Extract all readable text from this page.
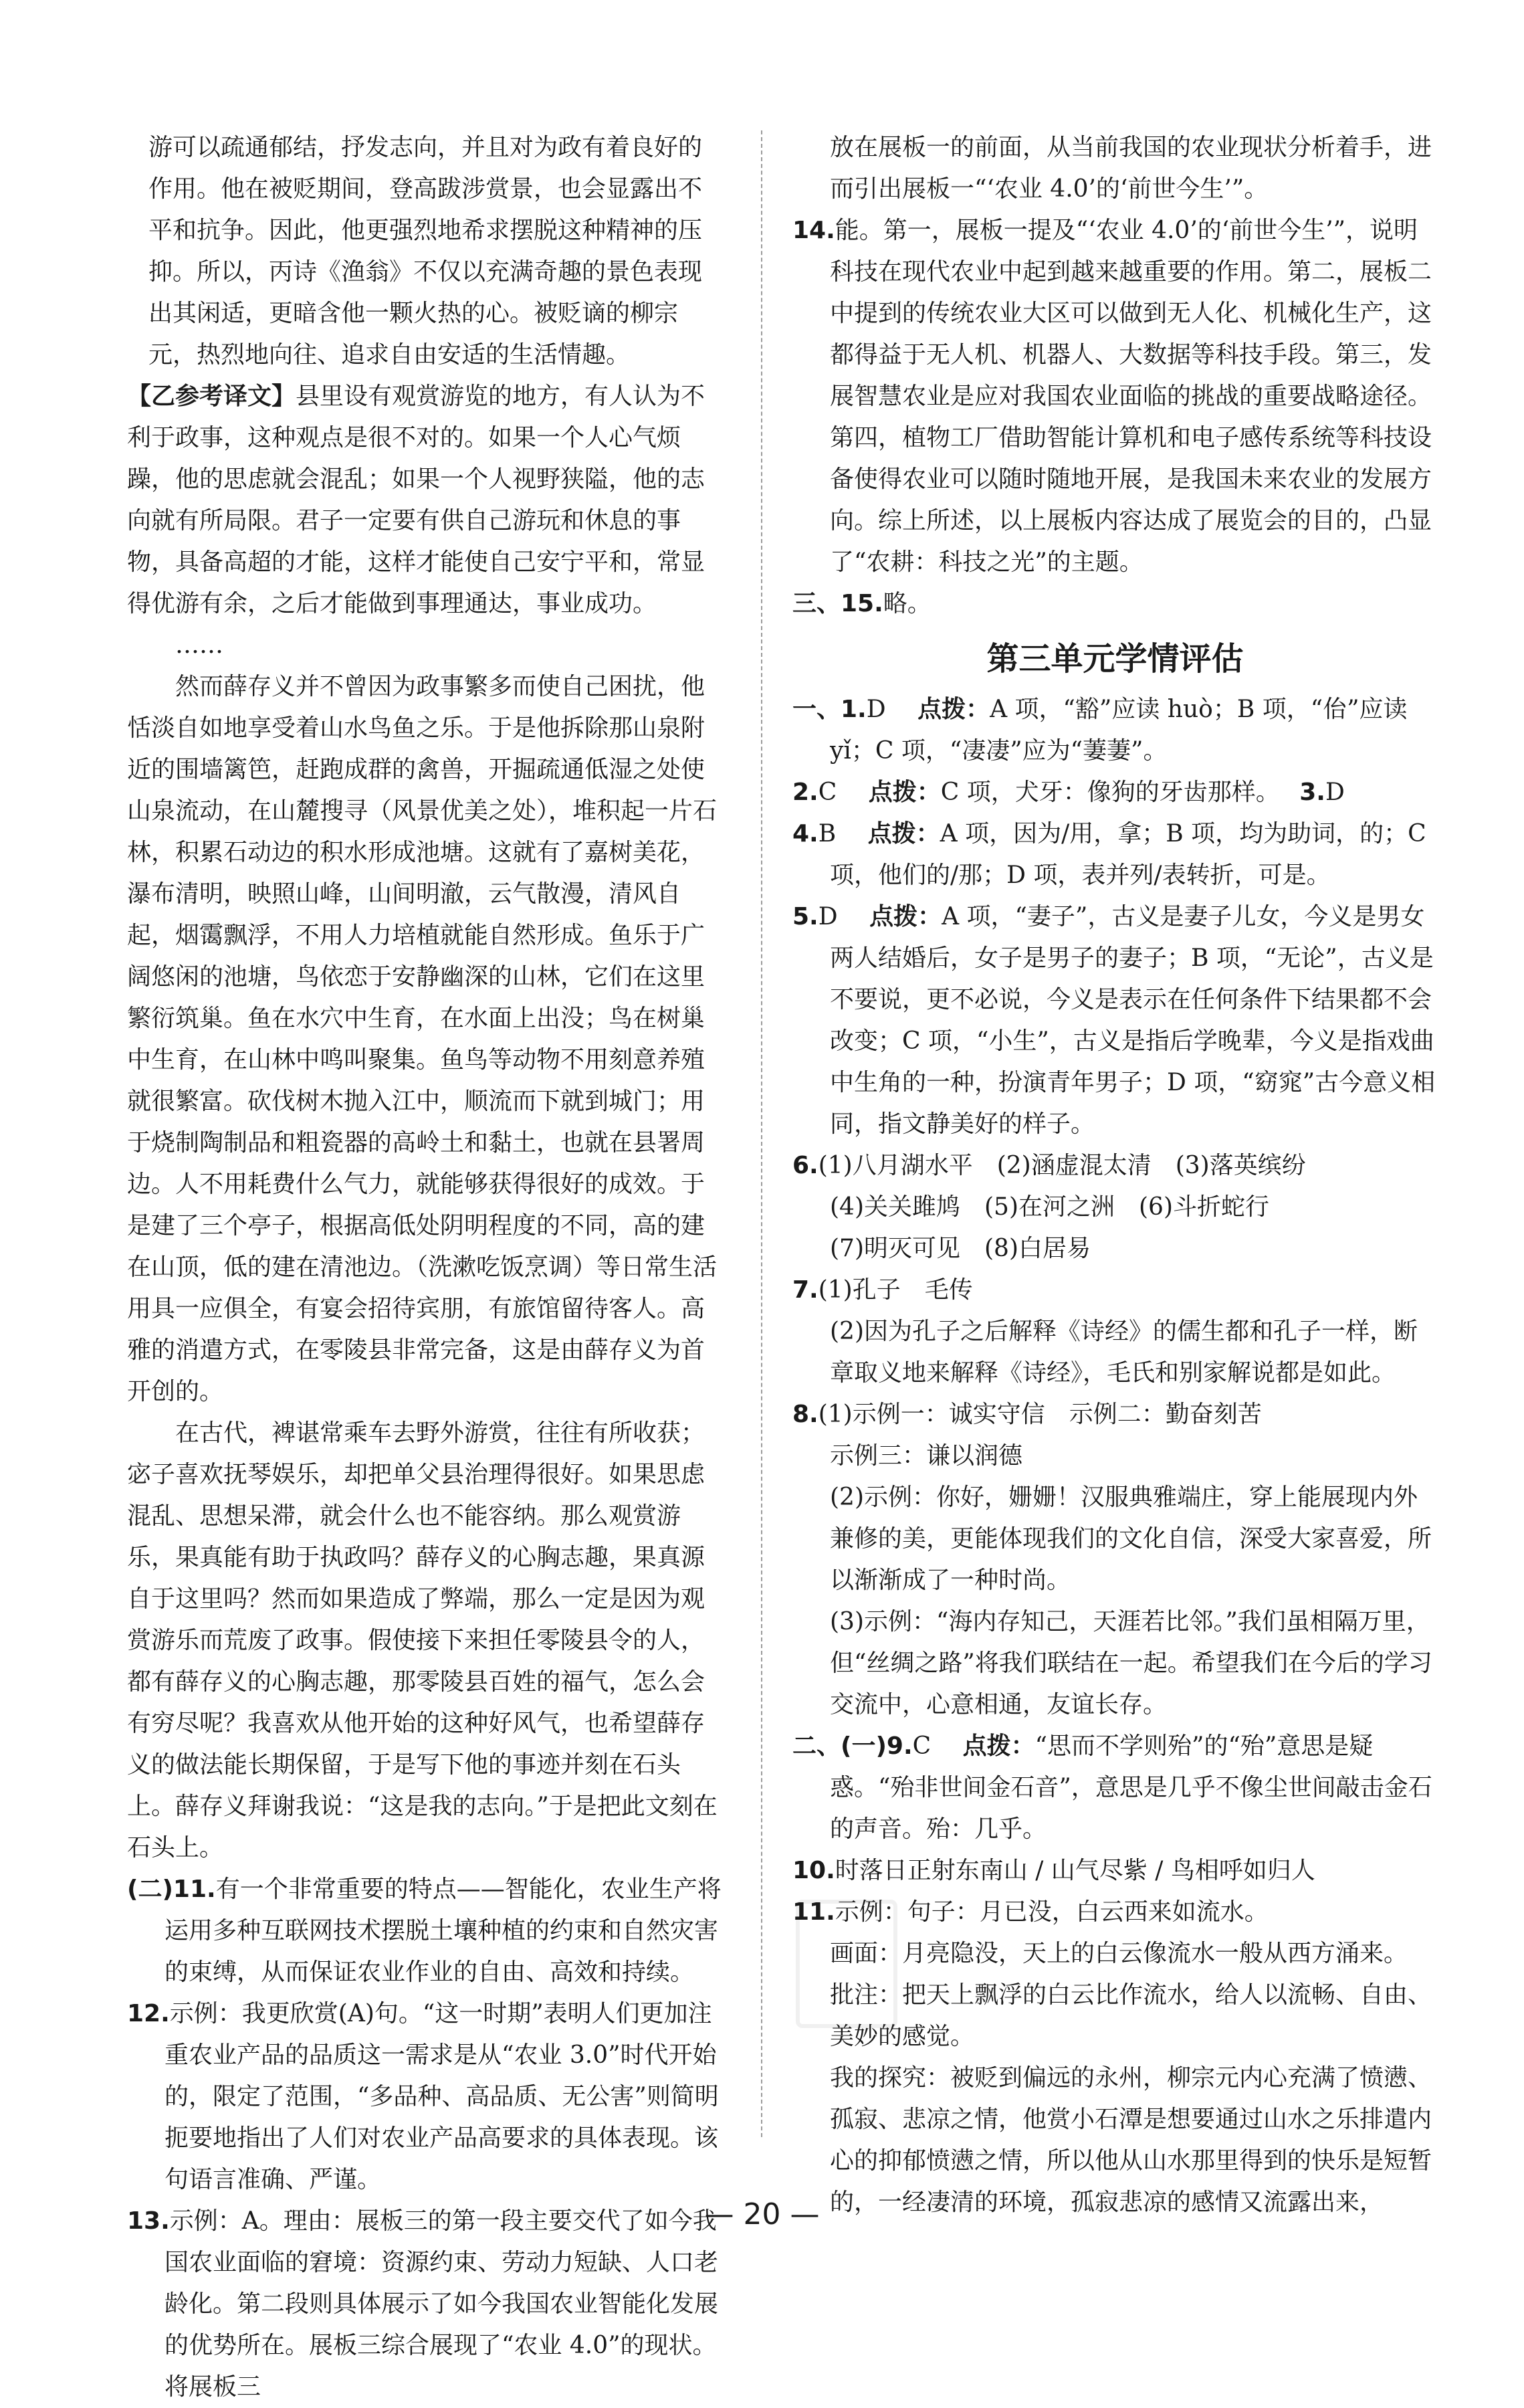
游可以疏通郁结，抒发志向，并且对为政有着良好的作用。他在被贬期间，登高跋涉赏景，也会显露出不平和抗争。因此，他更强烈地希求摆脱这种精神的压抑。所以，丙诗《渔翁》不仅以充满奇趣的景色表现出其闲适，更暗含他一颗火热的心。被贬谪的柳宗元，热烈地向往、追求自由安适的生活情趣。

【乙参考译文】县里设有观赏游览的地方，有人认为不利于政事，这种观点是很不对的。如果一个人心气烦躁，他的思虑就会混乱；如果一个人视野狭隘，他的志向就有所局限。君子一定要有供自己游玩和休息的事物，具备高超的才能，这样才能使自己安宁平和，常显得优游有余，之后才能做到事理通达，事业成功。

……

然而薛存义并不曾因为政事繁多而使自己困扰，他恬淡自如地享受着山水鸟鱼之乐。于是他拆除那山泉附近的围墙篱笆，赶跑成群的禽兽，开掘疏通低湿之处使山泉流动，在山麓搜寻（风景优美之处），堆积起一片石林，积累石动边的积水形成池塘。这就有了嘉树美花，瀑布清明，映照山峰，山间明澈，云气散漫，清风自起，烟霭飘浮，不用人力培植就能自然形成。鱼乐于广阔悠闲的池塘，鸟依恋于安静幽深的山林，它们在这里繁衍筑巢。鱼在水穴中生育，在水面上出没；鸟在树巢中生育，在山林中鸣叫聚集。鱼鸟等动物不用刻意养殖就很繁富。砍伐树木抛入江中，顺流而下就到城门；用于烧制陶制品和粗瓷器的高岭土和黏土，也就在县署周边。人不用耗费什么气力，就能够获得很好的成效。于是建了三个亭子，根据高低处阴明程度的不同，高的建在山顶，低的建在清池边。（洗漱吃饭烹调）等日常生活用具一应俱全，有宴会招待宾朋，有旅馆留待客人。高雅的消遣方式，在零陵县非常完备，这是由薛存义为首开创的。

在古代，裨谌常乘车去野外游赏，往往有所收获；宓子喜欢抚琴娱乐，却把单父县治理得很好。如果思虑混乱、思想呆滞，就会什么也不能容纳。那么观赏游乐，果真能有助于执政吗？薛存义的心胸志趣，果真源自于这里吗？然而如果造成了弊端，那么一定是因为观赏游乐而荒废了政事。假使接下来担任零陵县令的人，都有薛存义的心胸志趣，那零陵县百姓的福气，怎么会有穷尽呢？我喜欢从他开始的这种好风气，也希望薛存义的做法能长期保留，于是写下他的事迹并刻在石头上。薛存义拜谢我说：“这是我的志向。”于是把此文刻在石头上。

(二)11.有一个非常重要的特点——智能化，农业生产将运用多种互联网技术摆脱土壤种植的约束和自然灾害的束缚，从而保证农业作业的自由、高效和持续。

12.示例：我更欣赏(A)句。“这一时期”表明人们更加注重农业产品的品质这一需求是从“农业 3.0”时代开始的，限定了范围，“多品种、高品质、无公害”则简明扼要地指出了人们对农业产品高要求的具体表现。该句语言准确、严谨。

13.示例：A。理由：展板三的第一段主要交代了如今我国农业面临的窘境：资源约束、劳动力短缺、人口老龄化。第二段则具体展示了如今我国农业智能化发展的优势所在。展板三综合展现了“农业 4.0”的现状。将展板三

放在展板一的前面，从当前我国的农业现状分析着手，进而引出展板一“‘农业 4.0’的‘前世今生’”。

14.能。第一，展板一提及“‘农业 4.0’的‘前世今生’”，说明科技在现代农业中起到越来越重要的作用。第二，展板二中提到的传统农业大区可以做到无人化、机械化生产，这都得益于无人机、机器人、大数据等科技手段。第三，发展智慧农业是应对我国农业面临的挑战的重要战略途径。第四，植物工厂借助智能计算机和电子感传系统等科技设备使得农业可以随时随地开展，是我国未来农业的发展方向。综上所述，以上展板内容达成了展览会的目的，凸显了“农耕：科技之光”的主题。

三、15.略。

第三单元学情评估

一、1.D　 点拨：A 项，“豁”应读 huò；B 项，“佁”应读 yǐ；C 项，“凄凄”应为“萋萋”。

2.C　 点拨：C 项，犬牙：像狗的牙齿那样。　 3.D

4.B　 点拨：A 项，因为/用，拿；B 项，均为助词，的；C 项，他们的/那；D 项，表并列/表转折，可是。

5.D　 点拨：A 项，“妻子”，古义是妻子儿女，今义是男女两人结婚后，女子是男子的妻子；B 项，“无论”，古义是不要说，更不必说，今义是表示在任何条件下结果都不会改变；C 项，“小生”，古义是指后学晚辈，今义是指戏曲中生角的一种，扮演青年男子；D 项，“窈窕”古今意义相同，指文静美好的样子。

6.(1)八月湖水平　(2)涵虚混太清　(3)落英缤纷

(4)关关雎鸠　(5)在河之洲　(6)斗折蛇行

(7)明灭可见　(8)白居易

7.(1)孔子　毛传

(2)因为孔子之后解释《诗经》的儒生都和孔子一样，断章取义地来解释《诗经》，毛氏和别家解说都是如此。

8.(1)示例一：诚实守信　示例二：勤奋刻苦

示例三：谦以润德

(2)示例：你好，姗姗！汉服典雅端庄，穿上能展现内外兼修的美，更能体现我们的文化自信，深受大家喜爱，所以渐渐成了一种时尚。

(3)示例：“海内存知己，天涯若比邻。”我们虽相隔万里，但“丝绸之路”将我们联结在一起。希望我们在今后的学习交流中，心意相通，友谊长存。

二、(一)9.C　 点拨：“思而不学则殆”的“殆”意思是疑惑。“殆非世间金石音”，意思是几乎不像尘世间敲击金石的声音。殆：几乎。

10.时落日正射东南山 / 山气尽紫 / 鸟相呼如归人

11.示例：句子：月已没，白云西来如流水。

画面：月亮隐没，天上的白云像流水一般从西方涌来。

批注：把天上飘浮的白云比作流水，给人以流畅、自由、美妙的感觉。

我的探究：被贬到偏远的永州，柳宗元内心充满了愤懑、孤寂、悲凉之情，他赏小石潭是想要通过山水之乐排遣内心的抑郁愤懑之情，所以他从山水那里得到的快乐是短暂的，一经凄清的环境，孤寂悲凉的感情又流露出来，

— 20 —
